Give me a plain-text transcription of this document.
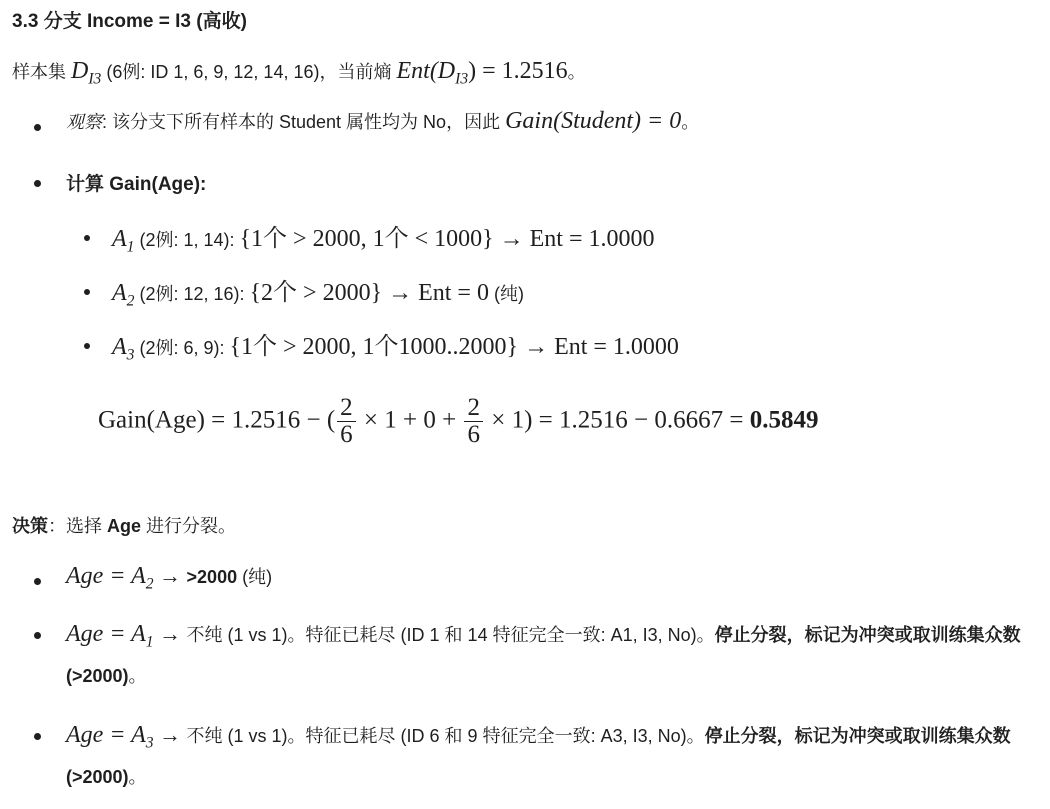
3.3 分支 Income = I3 (高收)
样本集 $D_{I3}$ (6例: ID 1, 6, 9, 12, 14, 16)，当前熵 $Ent(D_{I3}) = 1.2516$。
观察: 该分支下所有样本的 Student 属性均为 No，因此 Gain(Student) = 0。
计算 Gain(Age):
$A_1$ (2例: 1, 14): {1个 > 2000, 1个 < 1000} → Ent = 1.0000
$A_2$ (2例: 12, 16): {2个 > 2000} → Ent = 0 (纯)
$A_3$ (2例: 6, 9): {1个 > 2000, 1个1000..2000} → Ent = 1.0000
Gain(Age) = 1.2516 − ( $\frac{2}{6} \times 1 + 0 + \frac{2}{6} \times 1) = 1.2516 - 0.6667 = 0.5849$
决策：选择 Age 进行分裂。
Age = $A_2 \to >2000$ (纯)
Age = $A_1$ → 不纯 (1 vs 1)。特征已耗尽 (ID 1 和 14 特征完全一致: A1, I3, No)。停止分裂，标记为冲突或取训练集众数(>2000)。
Age = $A_3$ → 不纯 (1 vs 1)。特征已耗尽 (ID 6 和 9 特征完全一致: A3, I3, No)。停止分裂，标记为冲突或取训练集众数(>2000)。
